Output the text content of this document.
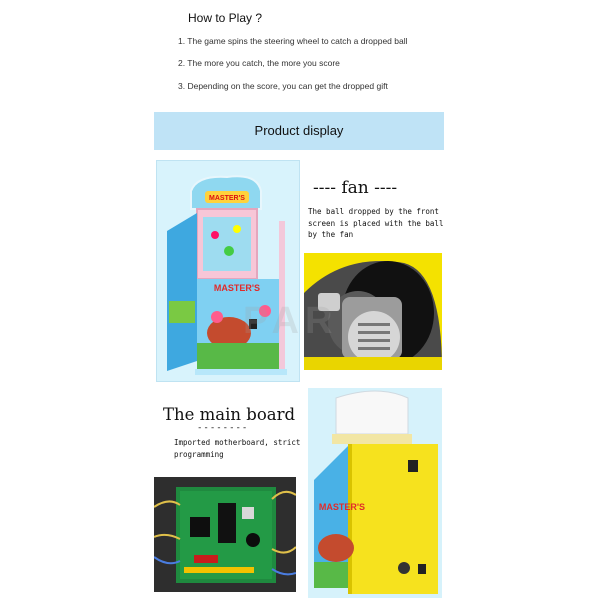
How to Play ?
1. The game spins the steering wheel to catch a dropped ball
2. The more you catch, the more you score
3. Depending on the score, you can get the dropped gift
Product display
MASTER'S
MASTER'S
---- fan ----
The ball dropped by the front screen is placed with the ball by the fan
The main board
--------
Imported motherboard, strict programming
MASTER'S
PAR
